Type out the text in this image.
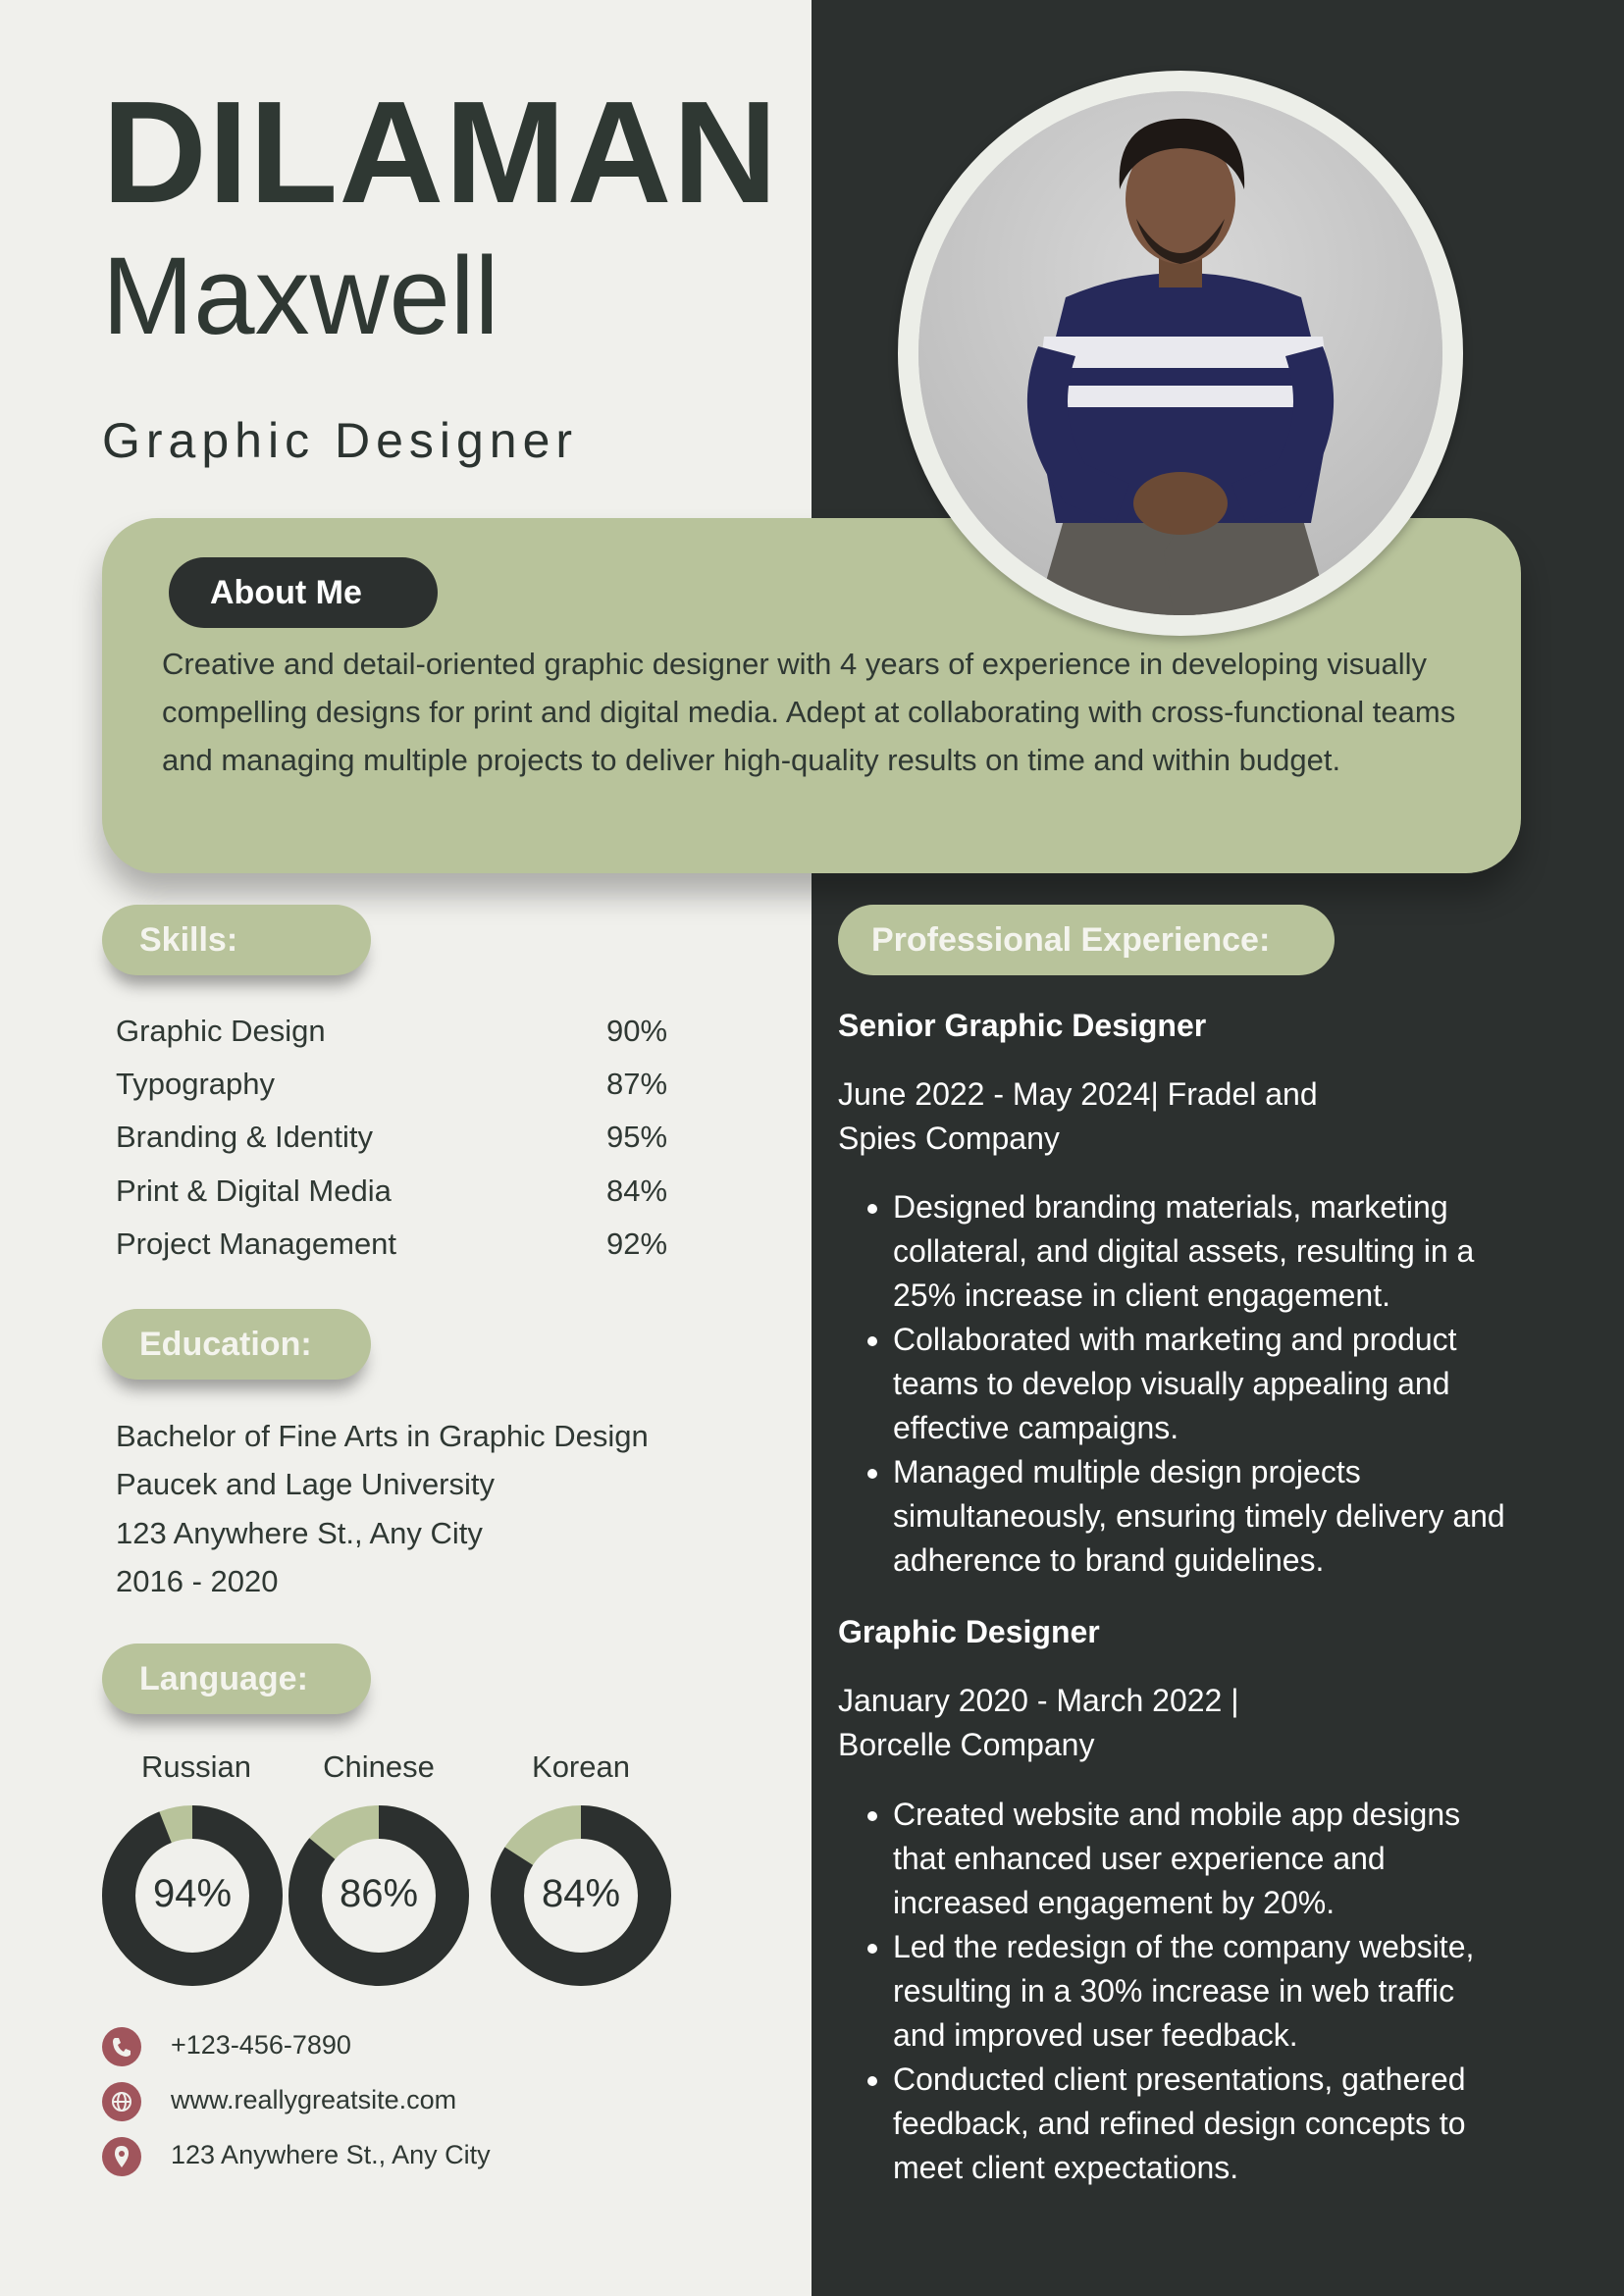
DILAMAN
Maxwell
Graphic Designer
About Me
Creative and detail-oriented graphic designer with 4 years of experience in developing visually compelling designs for print and digital media. Adept at collaborating with cross-functional teams and managing multiple projects to deliver high-quality results on time and within budget.
Skills:
Graphic Design	90%
Typography	87%
Branding & Identity	95%
Print & Digital Media	84%
Project Management	92%
Education:
Bachelor of Fine Arts in Graphic Design
Paucek and Lage University
123 Anywhere St., Any City
2016 - 2020
Language:
Russian	Chinese	Korean
94%	86%	84%
+123-456-7890
www.reallygreatsite.com
123 Anywhere St., Any City
Professional Experience:
Senior Graphic Designer
June 2022 - May 2024| Fradel and Spies Company
• Designed branding materials, marketing collateral, and digital assets, resulting in a 25% increase in client engagement.
• Collaborated with marketing and product teams to develop visually appealing and effective campaigns.
• Managed multiple design projects simultaneously, ensuring timely delivery and adherence to brand guidelines.
Graphic Designer
January 2020 - March 2022 | Borcelle Company
• Created website and mobile app designs that enhanced user experience and increased engagement by 20%.
• Led the redesign of the company website, resulting in a 30% increase in web traffic and improved user feedback.
• Conducted client presentations, gathered feedback, and refined design concepts to meet client expectations.
